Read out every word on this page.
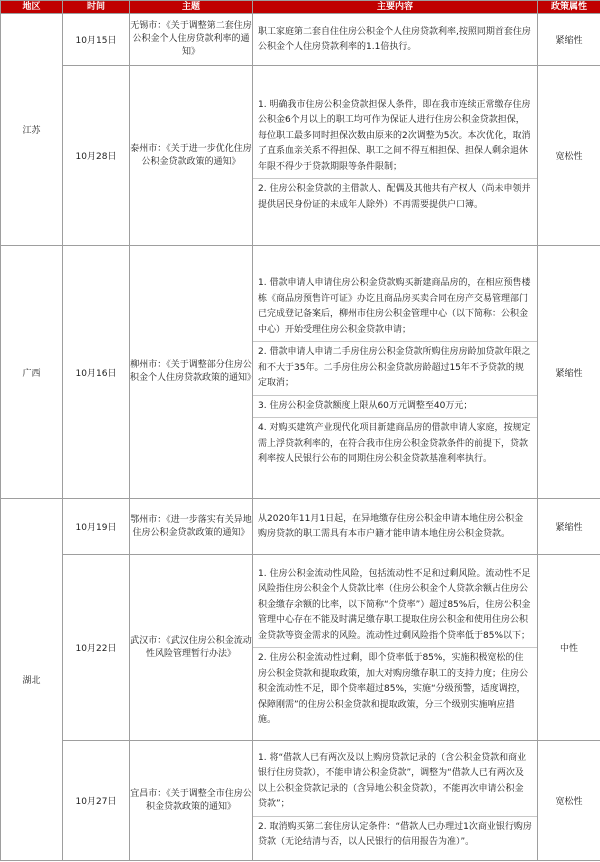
地区	时间	主题	主要内容	政策属性
江苏	10月15日	无锡市：《关于调整第二套住房公积金个人住房贷款利率的通知》	职工家庭第二套自住住房公积金个人住房贷款利率,按照同期首套住房公积金个人住房贷款利率的1.1倍执行。	紧缩性
	10月28日	泰州市：《关于进一步优化住房公积金贷款政策的通知》	1. 明确我市住房公积金贷款担保人条件，即在我市连续正常缴存住房公积金6个月以上的职工均可作为保证人进行住房公积金贷款担保，每位职工最多同时担保次数由原来的2次调整为5次。本次优化，取消了直系血亲关系不得担保、职工之间不得互相担保、担保人剩余退休年限不得少于贷款期限等条件限制；
2. 住房公积金贷款的主借款人、配偶及其他共有产权人（尚未申领并提供居民身份证的未成年人除外）不再需要提供户口簿。	宽松性
广西	10月16日	柳州市：《关于调整部分住房公积金个人住房贷款政策的通知》	1. 借款申请人申请住房公积金贷款购买新建商品房的，在相应预售楼栋《商品房预售许可证》办讫且商品房买卖合同在房产交易管理部门已完成登记备案后，柳州市住房公积金管理中心（以下简称：公积金中心）开始受理住房公积金贷款申请；
2. 借款申请人申请二手房住房公积金贷款所购住房房龄加贷款年限之和不大于35年。二手房住房公积金贷款房龄超过15年不予贷款的规定取消；
3. 住房公积金贷款额度上限从60万元调整至40万元；
4. 对购买建筑产业现代化项目新建商品房的借款申请人家庭，按规定需上浮贷款利率的，在符合我市住房公积金贷款条件的前提下，贷款利率按人民银行公布的同期住房公积金贷款基准利率执行。	紧缩性
湖北	10月19日	鄂州市：《进一步落实有关异地住房公积金贷款政策的通知》	从2020年11月1日起，在异地缴存住房公积金申请本地住房公积金购房贷款的职工需具有本市户籍才能申请本地住房公积金贷款。	紧缩性
	10月22日	武汉市：《武汉住房公积金流动性风险管理暂行办法》	1. 住房公积金流动性风险，包括流动性不足和过剩风险。流动性不足风险指住房公积金个人贷款比率（住房公积金个人贷款余额占住房公积金缴存余额的比率，以下简称“个贷率”）超过85%后，住房公积金管理中心存在不能及时满足缴存职工提取住房公积金和使用住房公积金贷款等资金需求的风险。流动性过剩风险指个贷率低于85%以下；
2. 住房公积金流动性过剩，即个贷率低于85%，实施积极宽松的住房公积金贷款和提取政策，加大对购房缴存职工的支持力度；住房公积金流动性不足，即个贷率超过85%，实施“分级预警，适度调控，保障刚需”的住房公积金贷款和提取政策，分三个级别实施响应措施。	中性
	10月27日	宜昌市：《关于调整全市住房公积金贷款政策的通知》	1. 将“借款人已有两次及以上购房贷款记录的（含公积金贷款和商业银行住房贷款），不能申请公积金贷款”，调整为“借款人已有两次及以上公积金贷款记录的（含异地公积金贷款），不能再次申请公积金贷款”；
2. 取消购买第二套住房认定条件：“借款人已办理过1次商业银行购房贷款（无论结清与否，以人民银行的信用报告为准）”。	宽松性
